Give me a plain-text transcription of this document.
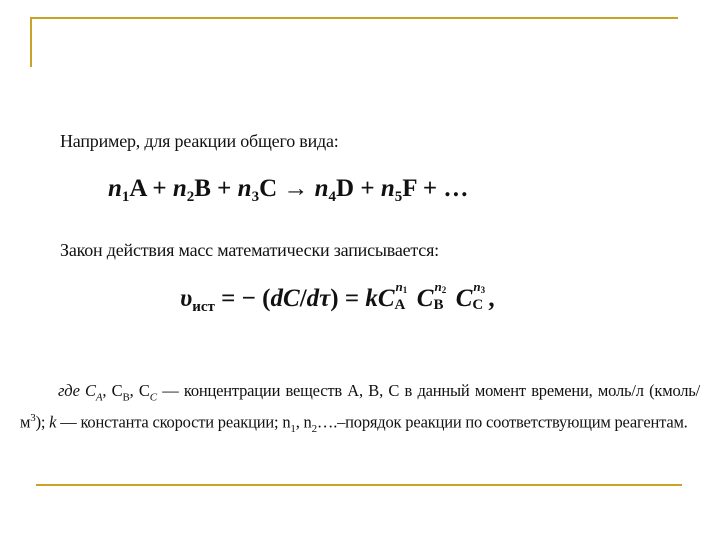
Например, для реакции общего вида:
$n_1A + n_2B + n_3C \to n_4D + n_5F$ + …
Закон действия масс математически записывается:
$\upsilon_{ист}$ = − (dC/dτ) = kC $n_1$
A C $n_2$
B C $n_3$
C ,
где $C_A$, $C_B$, $C_C$ — концентрации веществ A, B, C в данный момент времени, моль/л $(кмоль/м^3)$; k — константа скорости реакции; $n_1$, $n_2\dots$.–порядок реакции по соответствующим реагентам.
